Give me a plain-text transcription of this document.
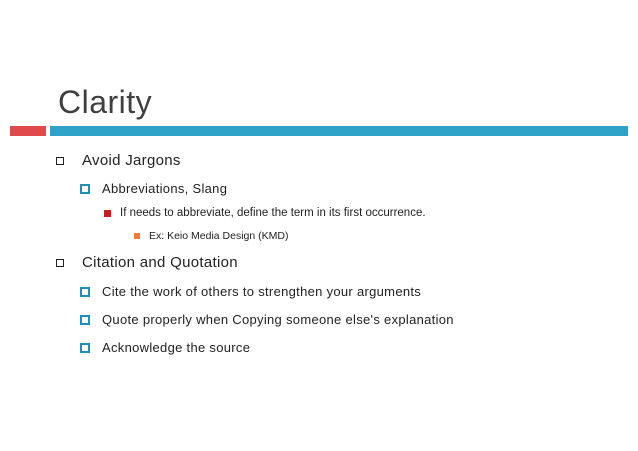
Clarity
Avoid Jargons
Abbreviations, Slang
If needs to abbreviate, define the term in its first occurrence.
Ex: Keio Media Design (KMD)
Citation and Quotation
Cite the work of others to strengthen your arguments
Quote properly when Copying someone else's explanation
Acknowledge the source
